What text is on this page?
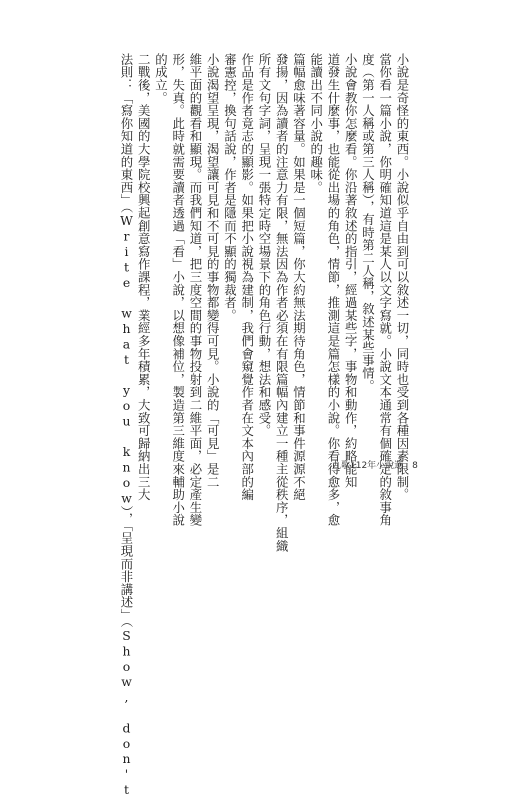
小說是奇怪的東西。小說似乎自由到可以敘述一切，同時也受到各種因素限制。
當你看一篇小說，你明確知道這是某人以文字寫就。小說文本通常有個確定的敘事角
度（第一人稱或第三人稱），有時第二人稱，敘述某些事情。
小說會教你怎麼看。你沿著敘述的指引，經過某些字，事物和動作，約略能知
道發生什麼事，也能從出場的角色，情節，推測這是篇怎樣的小說。你看得愈多，愈
能讀出不同小說的趣味。
篇幅愈味著容量。如果是一個短篇，你大約無法期待角色，情節和事件源源不絕
發揚，因為讀者的注意力有限，無法因為作者必須在有限篇幅內建立一種主從秩序，組織
所有文句字詞，呈現一張特定時空場景下的角色行動，想法和感受。
作品是作者竟志的顯影。如果把小說視為建制，我們會窺覺作者在文本內部的編
審憲控，換句話說，作者是隱而不顯的獨裁者。
小說渴望呈現，渴望讓可見和不可見的事物都變得可見。小說的「可見」是二
維平面的觀看和顯現。而我們知道，把三度空間的事物投射到二維平面，必定產生變
形，失真。此時就需要讀者透過「看」小說，以想像補位，製造第三維度來輔助小說
的成立。
二戰後，美國的大學院校興起創意寫作課程，業經多年積累，大致可歸納出三大
法則：「寫你知道的東西」（Write what you know），「呈現而非講述」（Show, don't	九歌112年小說選 8
